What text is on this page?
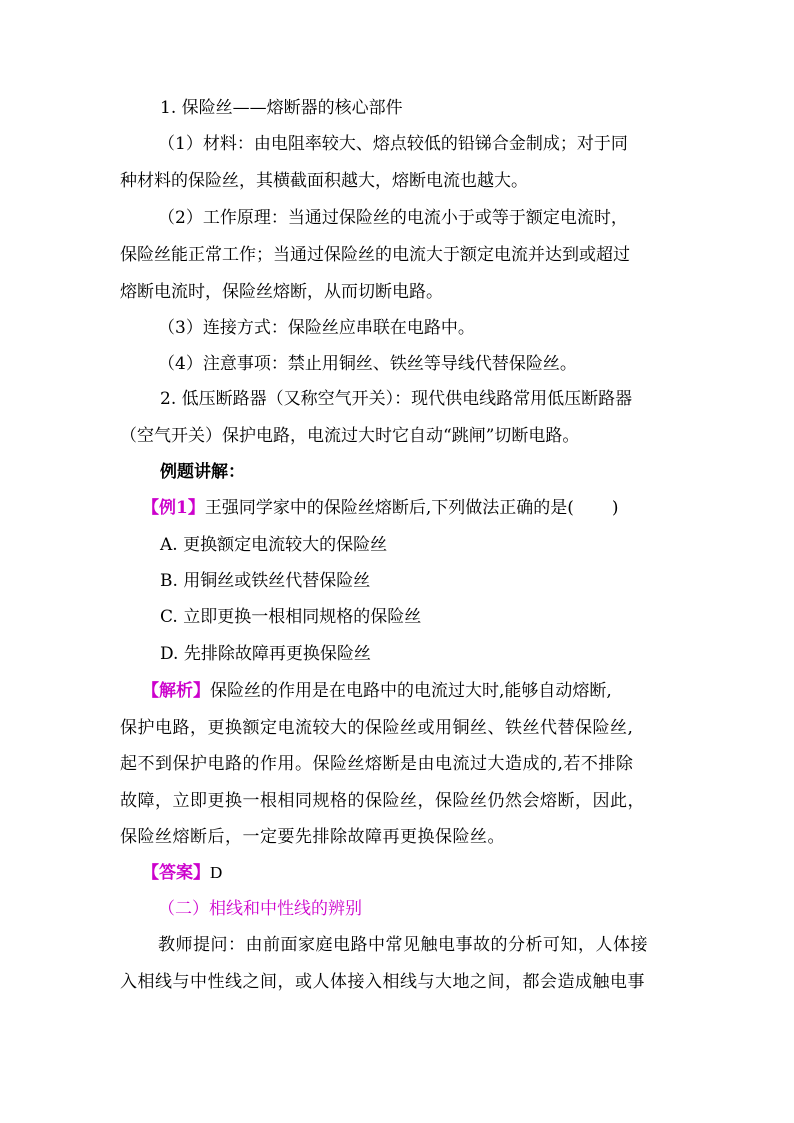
1. 保险丝——熔断器的核心部件
（1）材料：由电阻率较大、熔点较低的铅锑合金制成；对于同
种材料的保险丝，其横截面积越大，熔断电流也越大。
（2）工作原理：当通过保险丝的电流小于或等于额定电流时，
保险丝能正常工作；当通过保险丝的电流大于额定电流并达到或超过
熔断电流时，保险丝熔断，从而切断电路。
（3）连接方式：保险丝应串联在电路中。
（4）注意事项：禁止用铜丝、铁丝等导线代替保险丝。
2. 低压断路器（又称空气开关）：现代供电线路常用低压断路器
（空气开关）保护电路，电流过大时它自动“跳闸”切断电路。
例题讲解：
【例1】王强同学家中的保险丝熔断后,下列做法正确的是( )
A. 更换额定电流较大的保险丝
B. 用铜丝或铁丝代替保险丝
C. 立即更换一根相同规格的保险丝
D. 先排除故障再更换保险丝
【解析】保险丝的作用是在电路中的电流过大时,能够自动熔断,
保护电路，更换额定电流较大的保险丝或用铜丝、铁丝代替保险丝,
起不到保护电路的作用。保险丝熔断是由电流过大造成的,若不排除
故障，立即更换一根相同规格的保险丝，保险丝仍然会熔断，因此，
保险丝熔断后，一定要先排除故障再更换保险丝。
【答案】D
（二）相线和中性线的辨别
教师提问：由前面家庭电路中常见触电事故的分析可知，人体接
入相线与中性线之间，或人体接入相线与大地之间，都会造成触电事
